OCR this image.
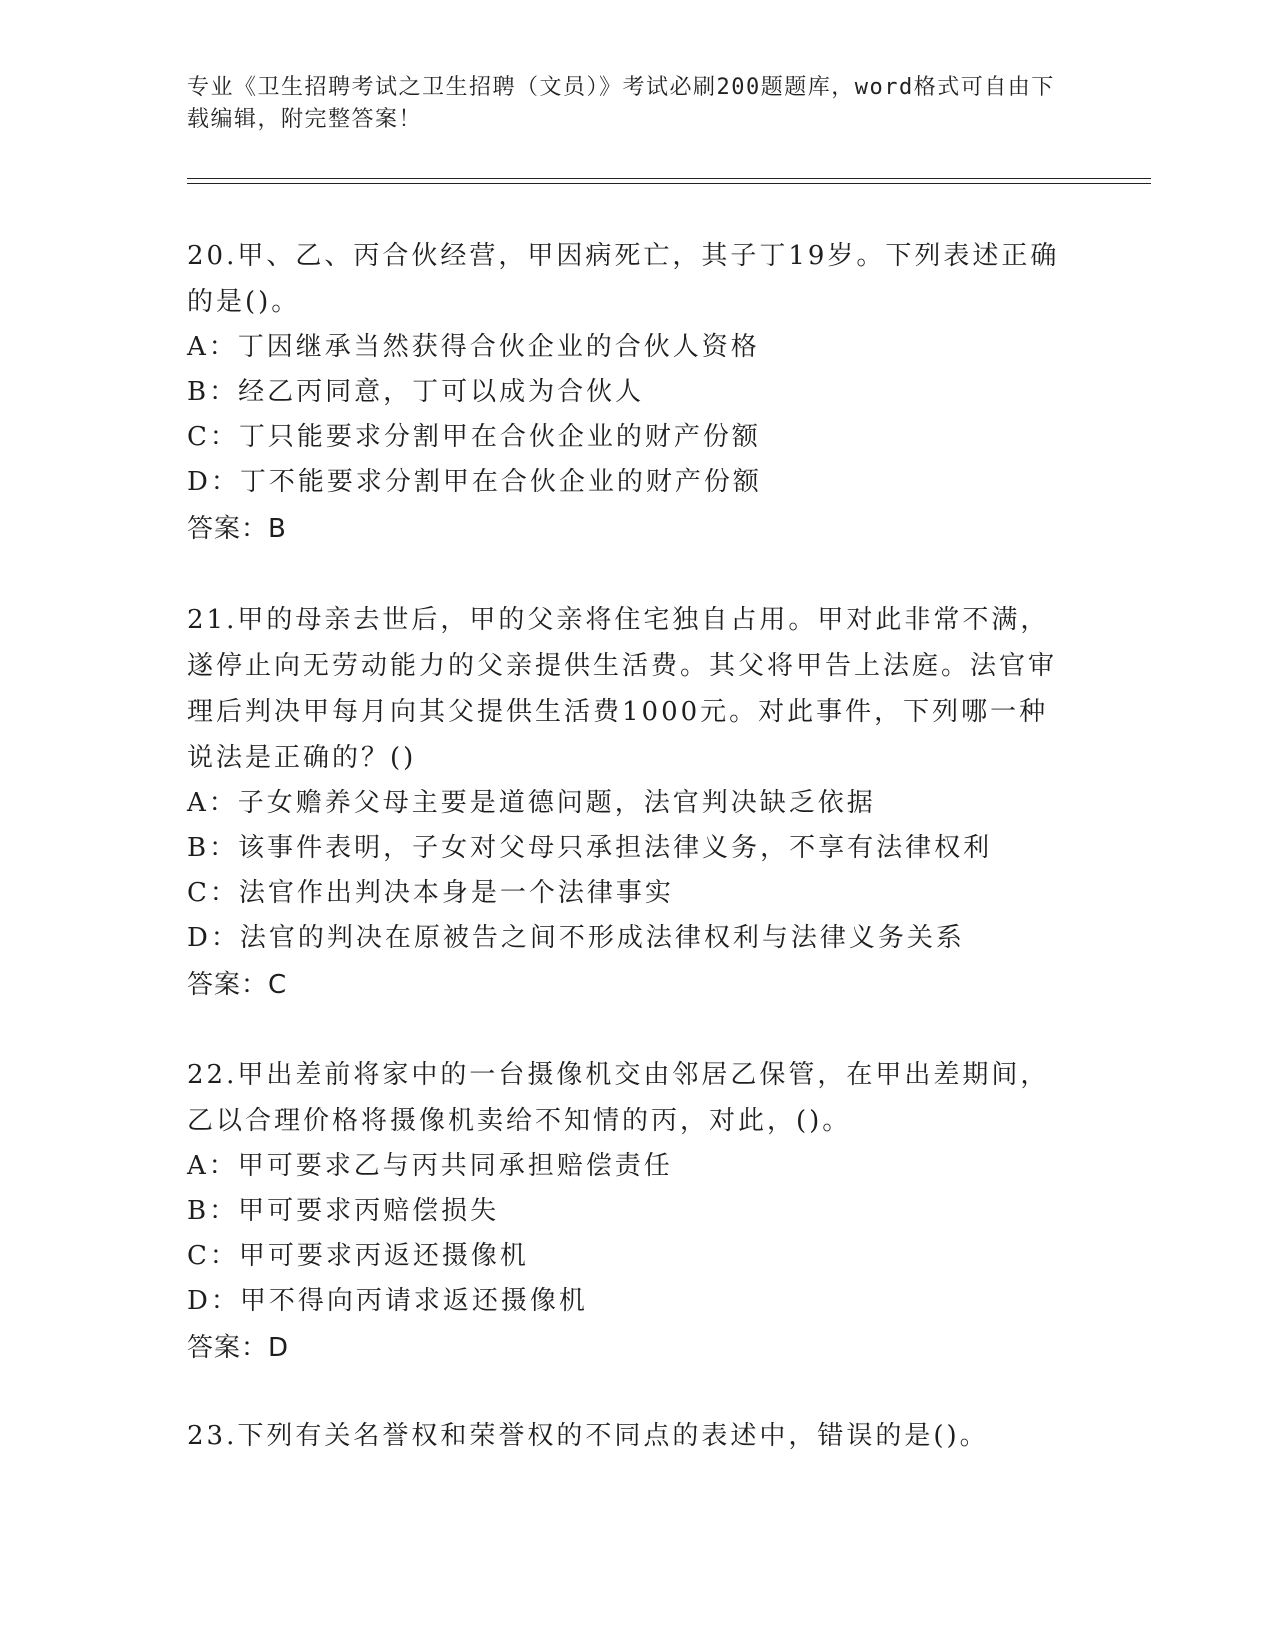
专业《卫生招聘考试之卫生招聘（文员）》考试必刷200题题库，word格式可自由下载编辑，附完整答案！
20.甲、乙、丙合伙经营，甲因病死亡，其子丁19岁。下列表述正确的是()。
A：丁因继承当然获得合伙企业的合伙人资格
B：经乙丙同意，丁可以成为合伙人
C：丁只能要求分割甲在合伙企业的财产份额
D：丁不能要求分割甲在合伙企业的财产份额
答案：B
21.甲的母亲去世后，甲的父亲将住宅独自占用。甲对此非常不满，遂停止向无劳动能力的父亲提供生活费。其父将甲告上法庭。法官审理后判决甲每月向其父提供生活费1000元。对此事件，下列哪一种说法是正确的？()
A：子女赡养父母主要是道德问题，法官判决缺乏依据
B：该事件表明，子女对父母只承担法律义务，不享有法律权利
C：法官作出判决本身是一个法律事实
D：法官的判决在原被告之间不形成法律权利与法律义务关系
答案：C
22.甲出差前将家中的一台摄像机交由邻居乙保管，在甲出差期间，乙以合理价格将摄像机卖给不知情的丙，对此，()。
A：甲可要求乙与丙共同承担赔偿责任
B：甲可要求丙赔偿损失
C：甲可要求丙返还摄像机
D：甲不得向丙请求返还摄像机
答案：D
23.下列有关名誉权和荣誉权的不同点的表述中，错误的是()。
